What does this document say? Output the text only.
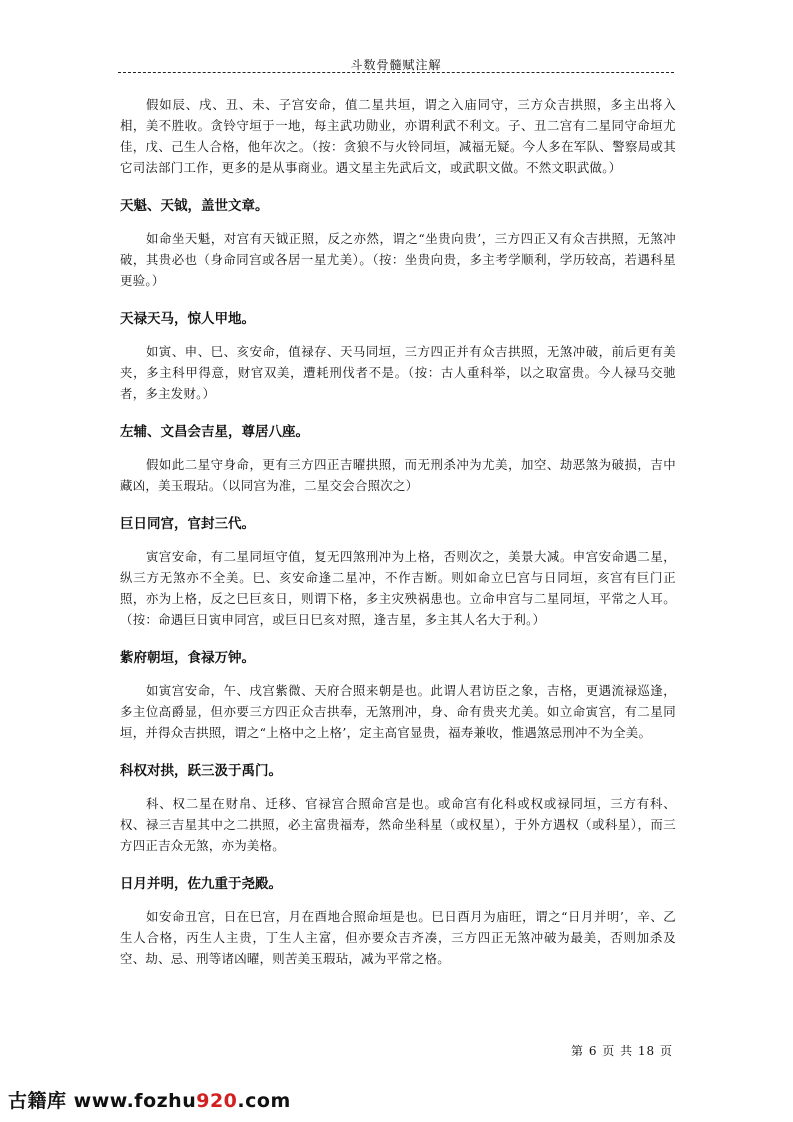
斗数骨髓赋注解

假如辰、戌、丑、未、子宫安命，值二星共垣，谓之入庙同守，三方众吉拱照，多主出将入相，美不胜收。贪铃守垣于一地，每主武功勋业，亦谓利武不利文。子、丑二宫有二星同守命垣尤佳，戊、己生人合格，他年次之。（按：贪狼不与火铃同垣，减福无疑。今人多在军队、警察局或其它司法部门工作，更多的是从事商业。遇文星主先武后文，或武职文做。不然文职武做。）

天魁、天钺，盖世文章。

如命坐天魁，对宫有天钺正照，反之亦然，谓之“坐贵向贵’，三方四正又有众吉拱照，无煞冲破，其贵必也（身命同宫或各居一星尤美）。（按：坐贵向贵，多主考学顺利，学历较高，若遇科星更验。）

天禄天马，惊人甲地。

如寅、申、巳、亥安命，值禄存、天马同垣，三方四正并有众吉拱照，无煞冲破，前后更有美夹，多主科甲得意，财官双美，遭耗刑伐者不是。（按：古人重科举，以之取富贵。今人禄马交驰者，多主发财。）

左辅、文昌会吉星，尊居八座。

假如此二星守身命，更有三方四正吉曜拱照，而无刑杀冲为尤美，加空、劫恶煞为破损，吉中藏凶，美玉瑕玷。（以同宫为准，二星交会合照次之）

巨日同宫，官封三代。

寅宫安命，有二星同垣守值，复无四煞刑冲为上格，否则次之，美景大减。申宫安命遇二星，纵三方无煞亦不全美。巳、亥安命逢二星冲，不作吉断。则如命立巳宫与日同垣，亥宫有巨门正照，亦为上格，反之巳巨亥日，则谓下格，多主灾殃祸患也。立命申宫与二星同垣，平常之人耳。（按：命遇巨日寅申同宫，或巨日巳亥对照，逢吉星，多主其人名大于利。）

紫府朝垣，食禄万钟。

如寅宫安命，午、戌宫紫微、天府合照来朝是也。此谓人君访臣之象，吉格，更遇流禄巡逢，多主位高爵显，但亦要三方四正众吉拱奉，无煞刑冲，身、命有贵夹尤美。如立命寅宫，有二星同垣，并得众吉拱照，谓之“上格中之上格’，定主高官显贵，福寿兼收，惟遇煞忌刑冲不为全美。

科权对拱，跃三汲于禹门。

科、权二星在财帛、迁移、官禄宫合照命宫是也。或命宫有化科或权或禄同垣，三方有科、权、禄三吉星其中之二拱照，必主富贵福寿，然命坐科星（或权星），于外方遇权（或科星），而三方四正吉众无煞，亦为美格。

日月并明，佐九重于尧殿。

如安命丑宫，日在巳宫，月在酉地合照命垣是也。巳日酉月为庙旺，谓之“日月并明’，辛、乙生人合格，丙生人主贵，丁生人主富，但亦要众吉齐凑，三方四正无煞冲破为最美，否则加杀及空、劫、忌、刑等诸凶曜，则苦美玉瑕玷，减为平常之格。

第 6 页 共 18 页
古籍库 www.fozhu920.com
